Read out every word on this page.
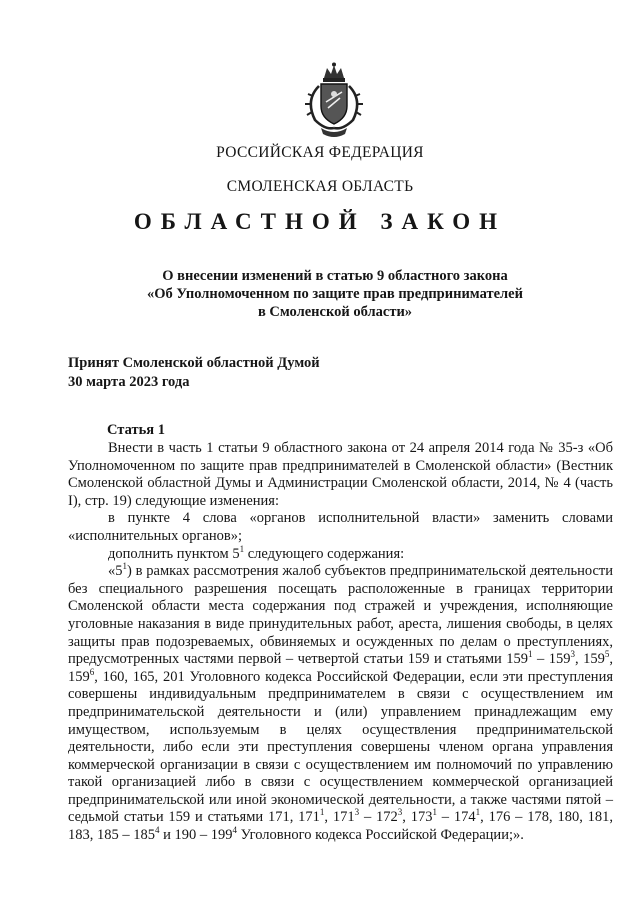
РОССИЙСКАЯ ФЕДЕРАЦИЯ
СМОЛЕНСКАЯ ОБЛАСТЬ
ОБЛАСТНОЙ ЗАКОН
О внесении изменений в статью 9 областного закона
«Об Уполномоченном по защите прав предпринимателей
в Смоленской области»
Принят Смоленской областной Думой
30 марта 2023 года
Статья 1

Внести в часть 1 статьи 9 областного закона от 24 апреля 2014 года № 35-з «Об Уполномоченном по защите прав предпринимателей в Смоленской области» (Вестник Смоленской областной Думы и Администрации Смоленской области, 2014, № 4 (часть I), стр. 19) следующие изменения:

в пункте 4 слова «органов исполнительной власти» заменить словами «исполнительных органов»;

дополнить пунктом $5^1$ следующего содержания:

«$5^1$) в рамках рассмотрения жалоб субъектов предпринимательской деятельности без специального разрешения посещать расположенные в границах территории Смоленской области места содержания под стражей и учреждения, исполняющие уголовные наказания в виде принудительных работ, ареста, лишения свободы, в целях защиты прав подозреваемых, обвиняемых и осужденных по делам о преступлениях, предусмотренных частями первой – четвертой статьи 159 и статьями $159^1 - 159^3$, $159^5$, $159^6$, 160, 165, 201 Уголовного кодекса Российской Федерации, если эти преступления совершены индивидуальным предпринимателем в связи с осуществлением им предпринимательской деятельности и (или) управлением принадлежащим ему имуществом, используемым в целях осуществления предпринимательской деятельности, либо если эти преступления совершены членом органа управления коммерческой организации в связи с осуществлением им полномочий по управлению такой организацией либо в связи с осуществлением коммерческой организацией предпринимательской или иной экономической деятельности, а также частями пятой – седьмой статьи 159 и статьями 171, $171^1$, $171^3 - 172^3$, $173^1 - 174^1$, 176 – 178, 180, 181, 183, $185 - 185^4$ и $190 - 199^4$ Уголовного кодекса Российской Федерации;».
